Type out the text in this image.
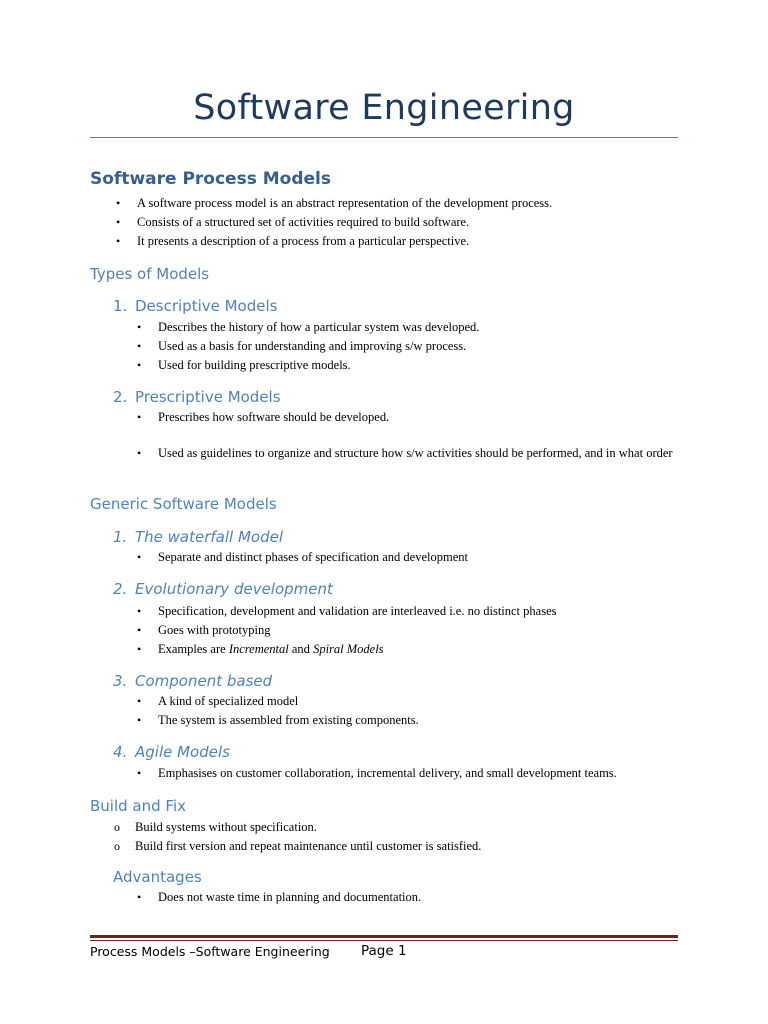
Software Engineering
Software Process Models
• A software process model is an abstract representation of the development process.
• Consists of a structured set of activities required to build software.
• It presents a description of a process from a particular perspective.
Types of Models
1. Descriptive Models
• Describes the history of how a particular system was developed.
• Used as a basis for understanding and improving s/w process.
• Used for building prescriptive models.
2. Prescriptive Models
• Prescribes how software should be developed.
• Used as guidelines to organize and structure how s/w activities should be performed, and in what order
Generic Software Models
1. The waterfall Model
• Separate and distinct phases of specification and development
2. Evolutionary development
• Specification, development and validation are interleaved i.e. no distinct phases
• Goes with prototyping
• Examples are Incremental and Spiral Models
3. Component based
• A kind of specialized model
• The system is assembled from existing components.
4. Agile Models
• Emphasises on customer collaboration, incremental delivery, and small development teams.
Build and Fix
o Build systems without specification.
o Build first version and repeat maintenance until customer is satisfied.
Advantages
• Does not waste time in planning and documentation.
Process Models –Software Engineering Page 1
